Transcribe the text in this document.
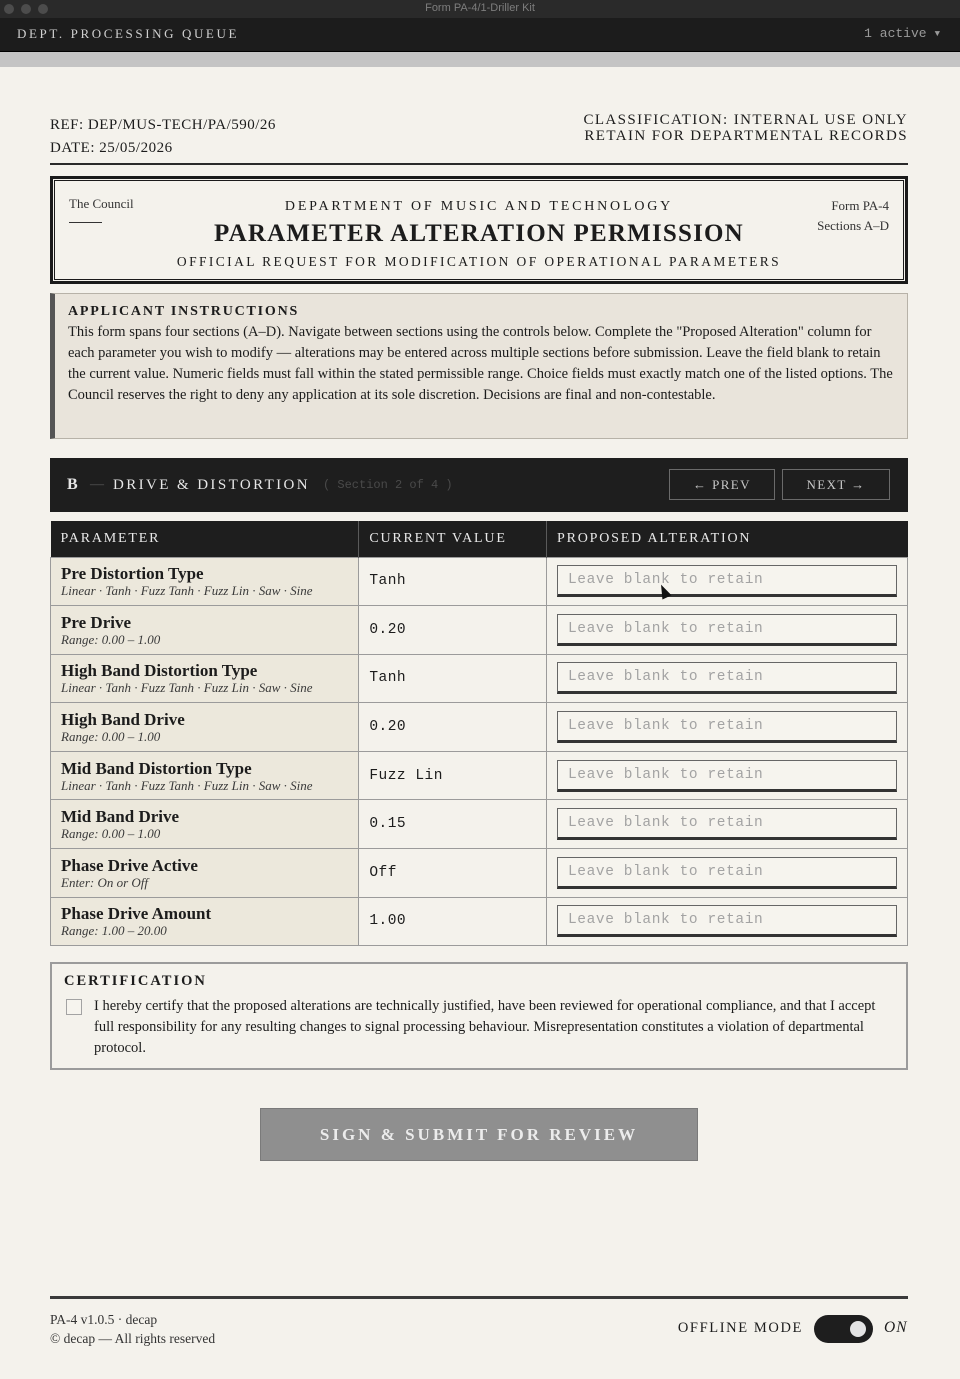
Form PA-4/1-Driller Kit
DEPT. PROCESSING QUEUE	1 active ▼
REF: DEP/MUS-TECH/PA/590/26
DATE: 25/05/2026
CLASSIFICATION: INTERNAL USE ONLY
RETAIN FOR DEPARTMENTAL RECORDS
The Council	Form PA-4
Sections A–D
DEPARTMENT OF MUSIC AND TECHNOLOGY
PARAMETER ALTERATION PERMISSION
OFFICIAL REQUEST FOR MODIFICATION OF OPERATIONAL PARAMETERS
APPLICANT INSTRUCTIONS

This form spans four sections (A–D). Navigate between sections using the controls below. Complete the "Proposed Alteration" column for each parameter you wish to modify — alterations may be entered across multiple sections before submission. Leave the field blank to retain the current value. Numeric fields must fall within the stated permissible range. Choice fields must exactly match one of the listed options. The Council reserves the right to deny any application at its sole discretion. Decisions are final and non-contestable.

B — DRIVE & DISTORTION ( Section 2 of 4 )	← PREV	NEXT →
PARAMETER	CURRENT VALUE	PROPOSED ALTERATION

Pre Distortion Type
Linear · Tanh · Fuzz Tanh · Fuzz Lin · Saw · Sine	Tanh	Leave blank to retain

Pre Drive
Range: 0.00 – 1.00	0.20	Leave blank to retain

High Band Distortion Type
Linear · Tanh · Fuzz Tanh · Fuzz Lin · Saw · Sine	Tanh	Leave blank to retain

High Band Drive
Range: 0.00 – 1.00	0.20	Leave blank to retain

Mid Band Distortion Type
Linear · Tanh · Fuzz Tanh · Fuzz Lin · Saw · Sine	Fuzz Lin	Leave blank to retain

Mid Band Drive
Range: 0.00 – 1.00	0.15	Leave blank to retain

Phase Drive Active
Enter: On or Off	Off	Leave blank to retain

Phase Drive Amount
Range: 1.00 – 20.00	1.00	Leave blank to retain
CERTIFICATION
I hereby certify that the proposed alterations are technically justified, have been reviewed for operational compliance, and that I accept full responsibility for any resulting changes to signal processing behaviour. Misrepresentation constitutes a violation of departmental protocol.
SIGN & SUBMIT FOR REVIEW
PA-4 v1.0.5 · decap
© decap — All rights reserved
OFFLINE MODE	ON
